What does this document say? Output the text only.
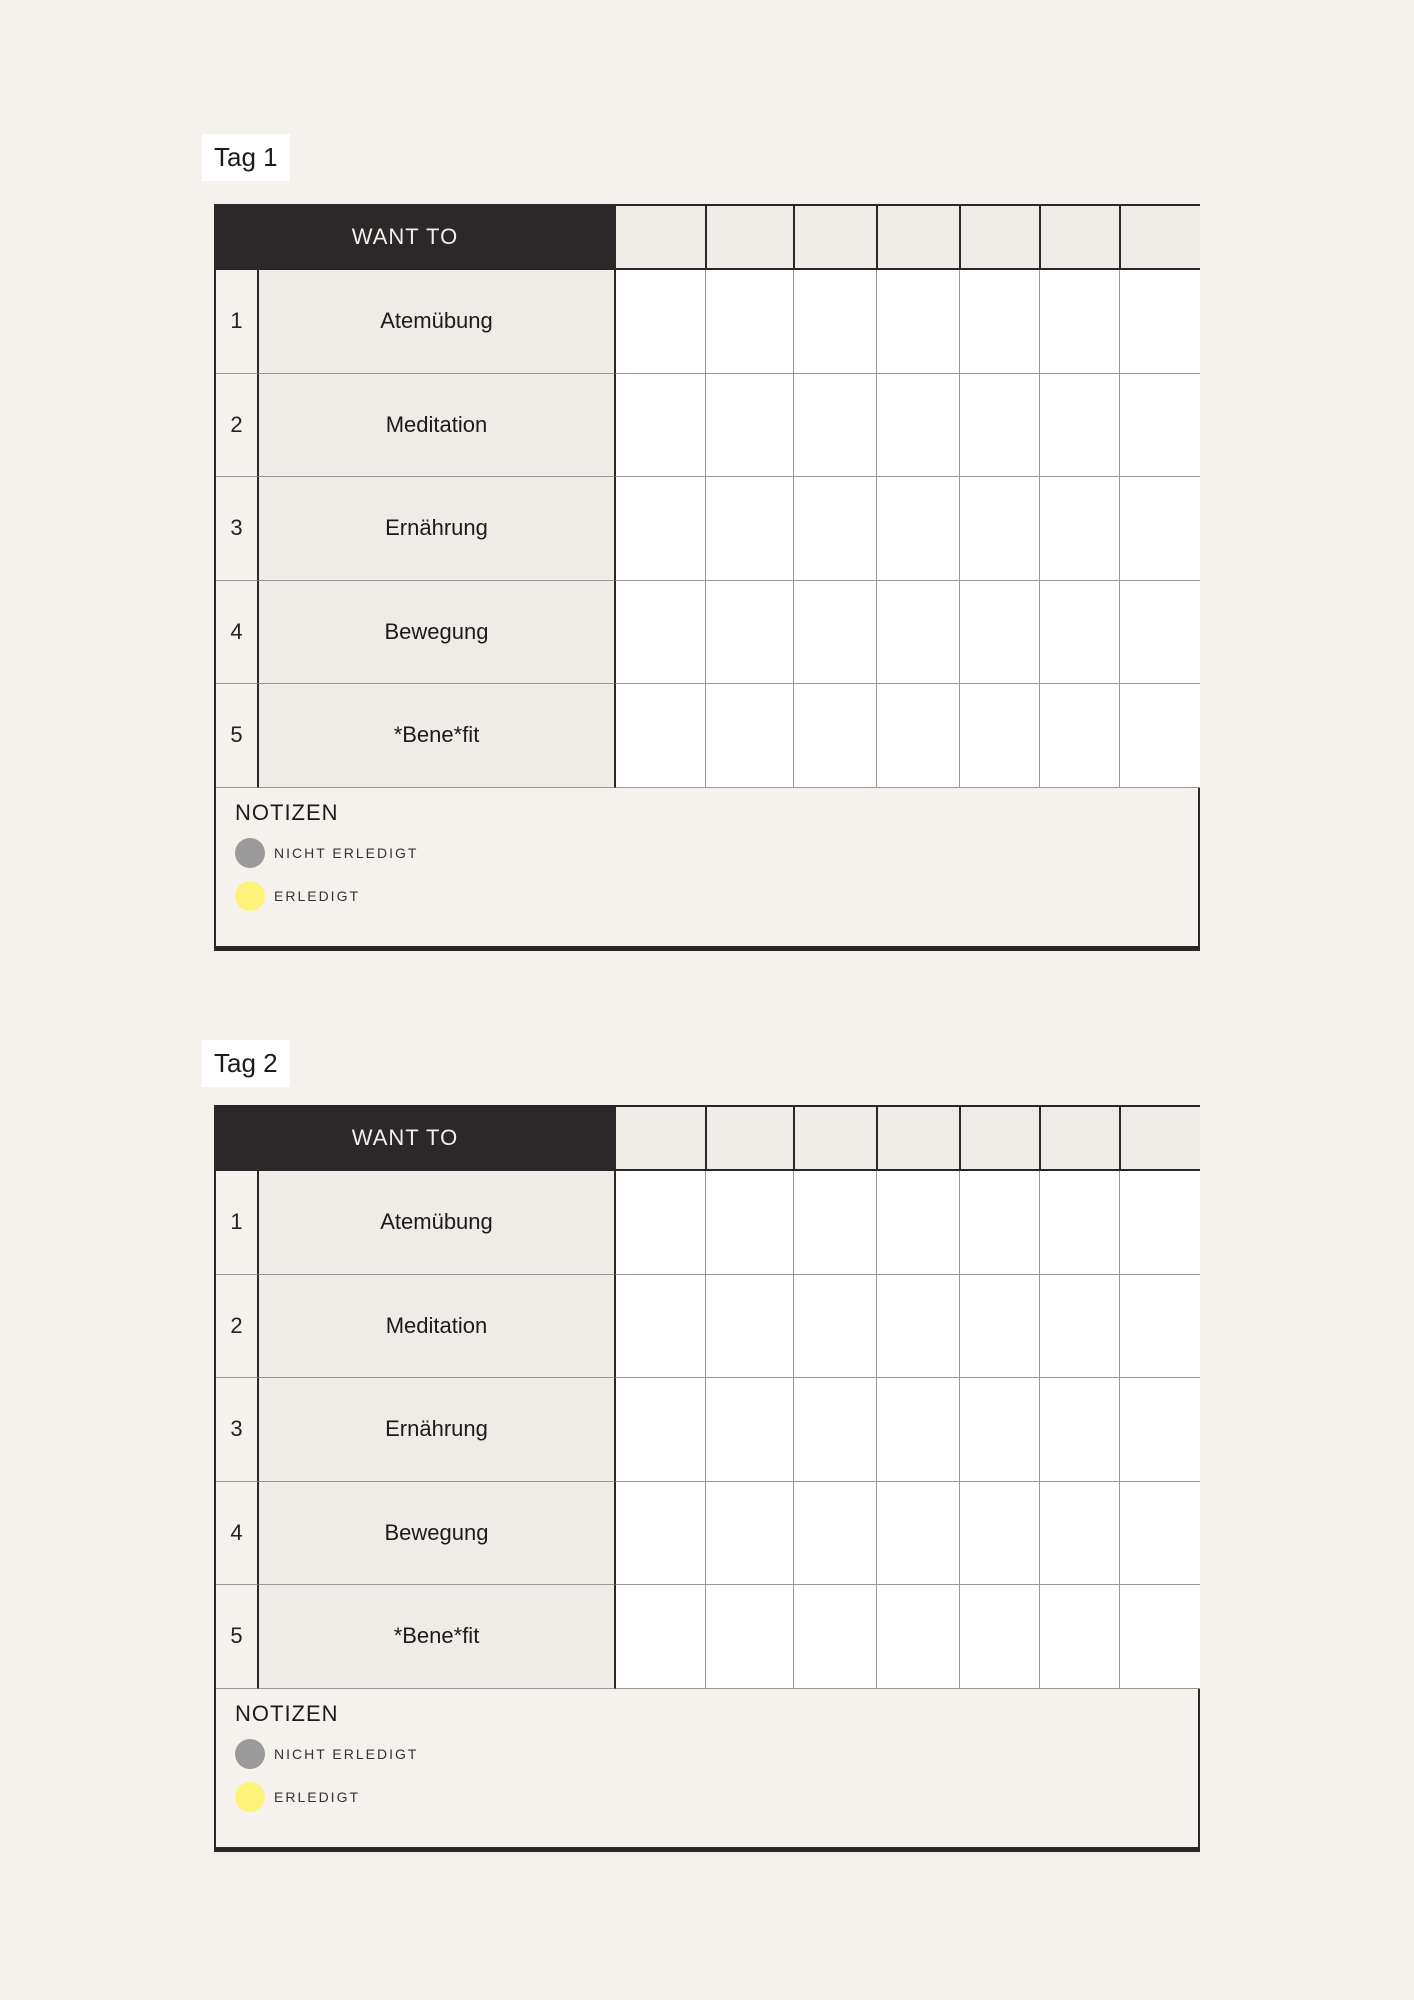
Tag 1
WANT TO
1	Atemübung
2	Meditation
3	Ernährung
4	Bewegung
5	*Bene*fit
NOTIZEN
NICHT ERLEDIGT
ERLEDIGT
Tag 2
WANT TO
1	Atemübung
2	Meditation
3	Ernährung
4	Bewegung
5	*Bene*fit
NOTIZEN
NICHT ERLEDIGT
ERLEDIGT
